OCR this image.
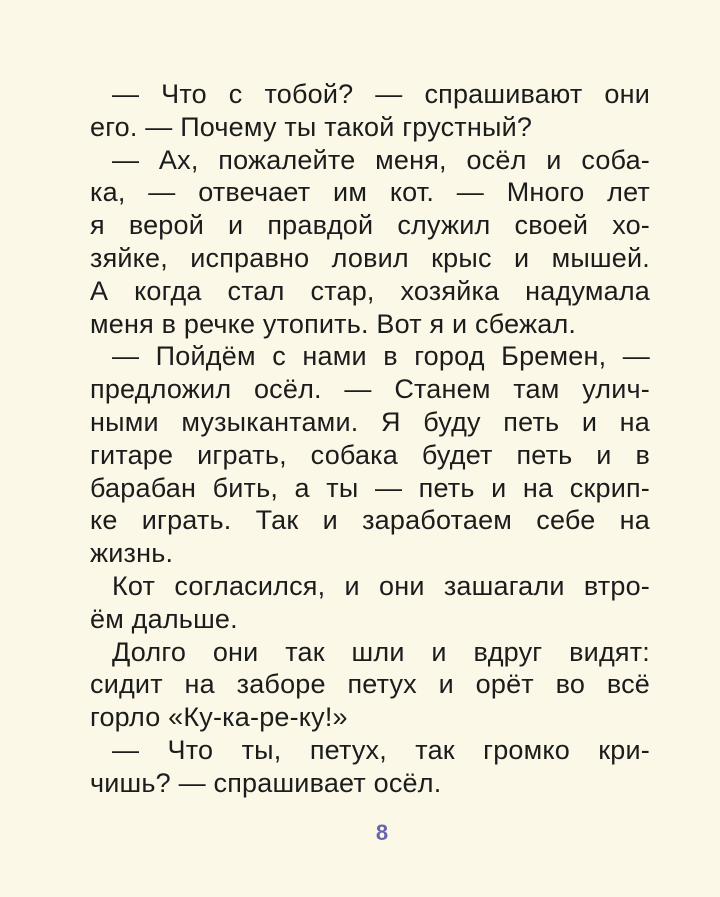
— Что с тобой? — спрашивают они
его. — Почему ты такой грустный?
— Ах, пожалейте меня, осёл и соба-
ка, — отвечает им кот. — Много лет
я верой и правдой служил своей хо-
зяйке, исправно ловил крыс и мышей.
А когда стал стар, хозяйка надумала
меня в речке утопить. Вот я и сбежал.
— Пойдём с нами в город Бремен, —
предложил осёл. — Станем там улич-
ными музыкантами. Я буду петь и на
гитаре играть, собака будет петь и в
барабан бить, а ты — петь и на скрип-
ке играть. Так и заработаем себе на
жизнь.
Кот согласился, и они зашагали втро-
ём дальше.
Долго они так шли и вдруг видят:
сидит на заборе петух и орёт во всё
горло «Ку-ка-ре-ку!»
— Что ты, петух, так громко кри-
чишь? — спрашивает осёл.
8
